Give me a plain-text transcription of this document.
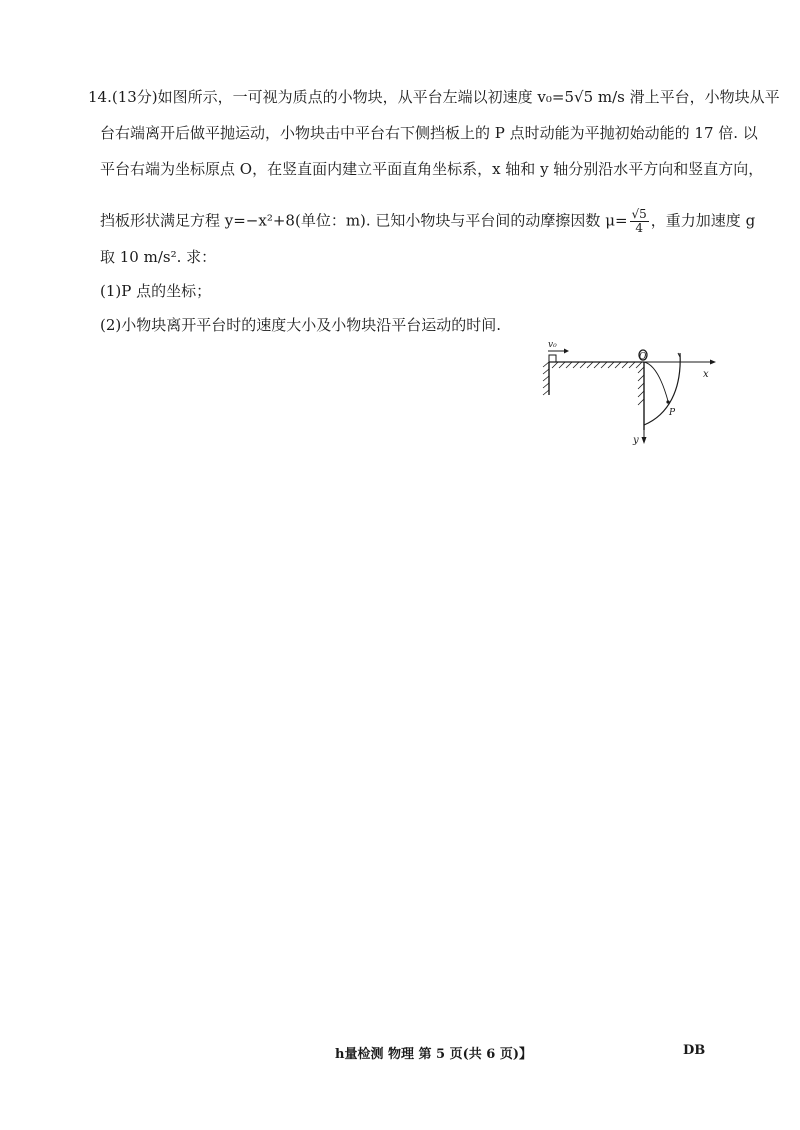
14.(13分)如图所示，一可视为质点的小物块，从平台左端以初速度 v₀=5√5 m/s 滑上平台，小物块从平
台右端离开后做平抛运动，小物块击中平台右下侧挡板上的 P 点时动能为平抛初始动能的 17 倍. 以
平台右端为坐标原点 O，在竖直面内建立平面直角坐标系，x 轴和 y 轴分别沿水平方向和竖直方向，
挡板形状满足方程 y=−x²+8(单位：m). 已知小物块与平台间的动摩擦因数 $\mu= \frac{√5}{4}$ ，重力加速度 g
取 10 m/s². 求：
(1)P 点的坐标；
(2)小物块离开平台时的速度大小及小物块沿平台运动的时间.
v₀
x
y
O
P
h量检测 物理 第 5 页(共 6 页)】	DB
